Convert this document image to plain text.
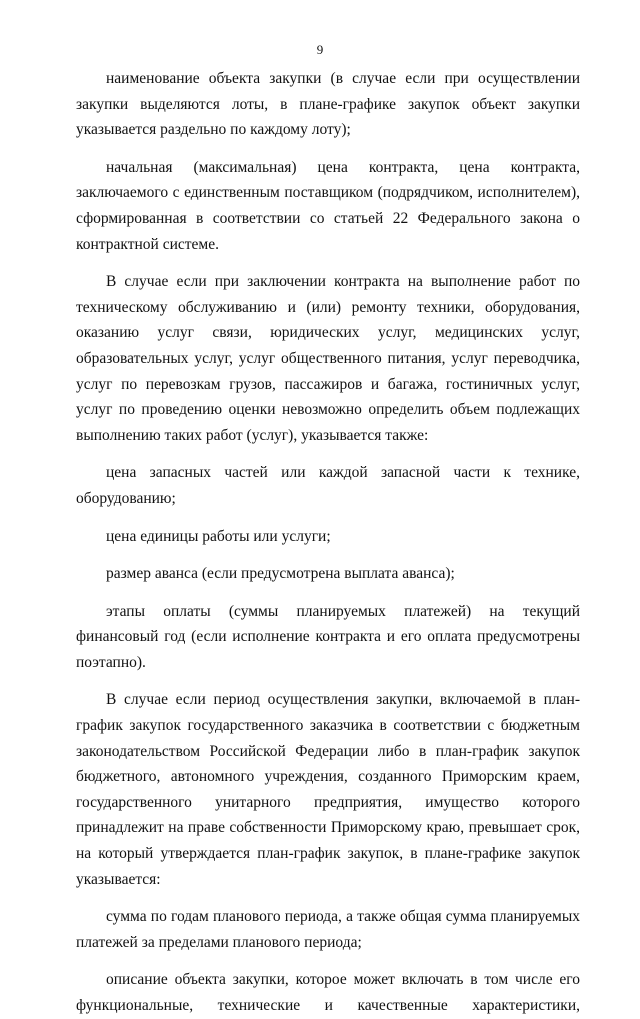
9

наименование объекта закупки (в случае если при осуществлении закупки выделяются лоты, в плане-графике закупок объект закупки указывается раздельно по каждому лоту);

начальная (максимальная) цена контракта, цена контракта, заключаемого с единственным поставщиком (подрядчиком, исполнителем), сформированная в соответствии со статьей 22 Федерального закона о контрактной системе.

В случае если при заключении контракта на выполнение работ по техническому обслуживанию и (или) ремонту техники, оборудования, оказанию услуг связи, юридических услуг, медицинских услуг, образовательных услуг, услуг общественного питания, услуг переводчика, услуг по перевозкам грузов, пассажиров и багажа, гостиничных услуг, услуг по проведению оценки невозможно определить объем подлежащих выполнению таких работ (услуг), указывается также:

цена запасных частей или каждой запасной части к технике, оборудованию;

цена единицы работы или услуги;

размер аванса (если предусмотрена выплата аванса);

этапы оплаты (суммы планируемых платежей) на текущий финансовый год (если исполнение контракта и его оплата предусмотрены поэтапно).

В случае если период осуществления закупки, включаемой в план-график закупок государственного заказчика в соответствии с бюджетным законодательством Российской Федерации либо в план-график закупок бюджетного, автономного учреждения, созданного Приморским краем, государственного унитарного предприятия, имущество которого принадлежит на праве собственности Приморскому краю, превышает срок, на который утверждается план-график закупок, в плане-графике закупок указывается:

сумма по годам планового периода, а также общая сумма планируемых платежей за пределами планового периода;

описание объекта закупки, которое может включать в том числе его функциональные, технические и качественные характеристики,
